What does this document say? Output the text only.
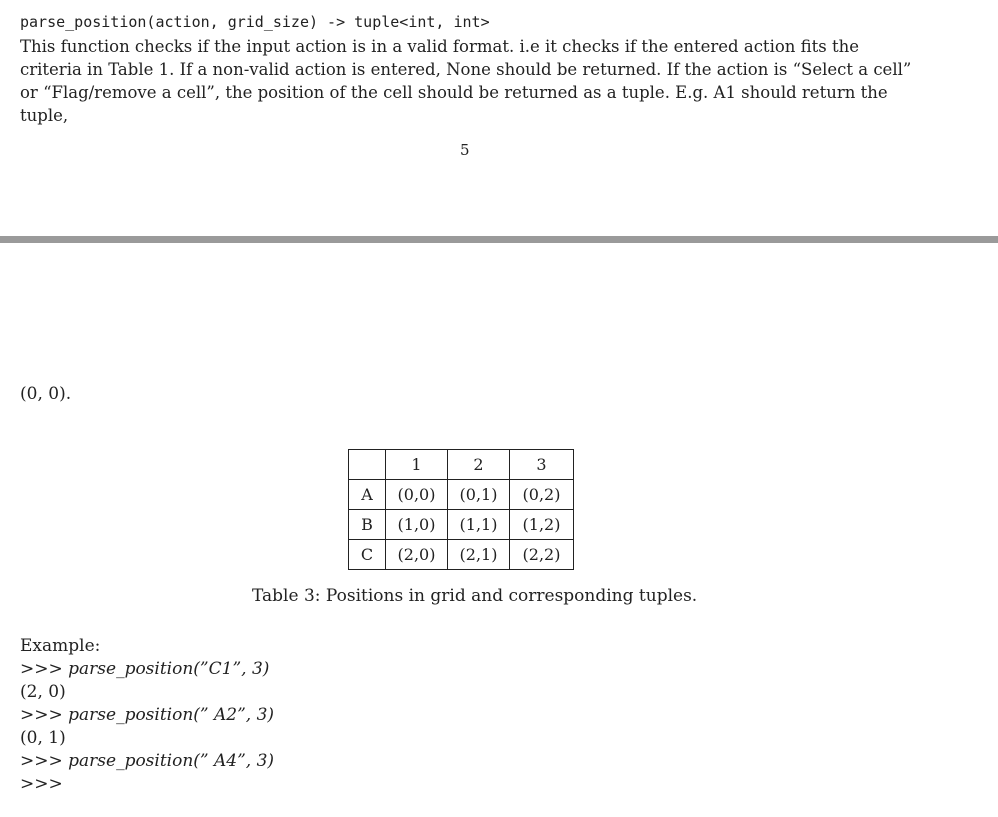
parse_position(action, grid_size) -> tuple<int, int>

This function checks if the input action is in a valid format. i.e it checks if the entered action fits the criteria in Table 1. If a non-valid action is entered, None should be returned. If the action is “Select a cell” or “Flag/remove a cell”, the position of the cell should be returned as a tuple. E.g. A1 should return the tuple,

5
(0, 0).
	1	2	3
A	(0,0)	(0,1)	(0,2)
B	(1,0)	(1,1)	(1,2)
C	(2,0)	(2,1)	(2,2)
Table 3: Positions in grid and corresponding tuples.
Example:
>>> parse_position(”C1”, 3)
(2, 0)
>>> parse_position(” A2”, 3)
(0, 1)
>>> parse_position(” A4”, 3)
>>>
